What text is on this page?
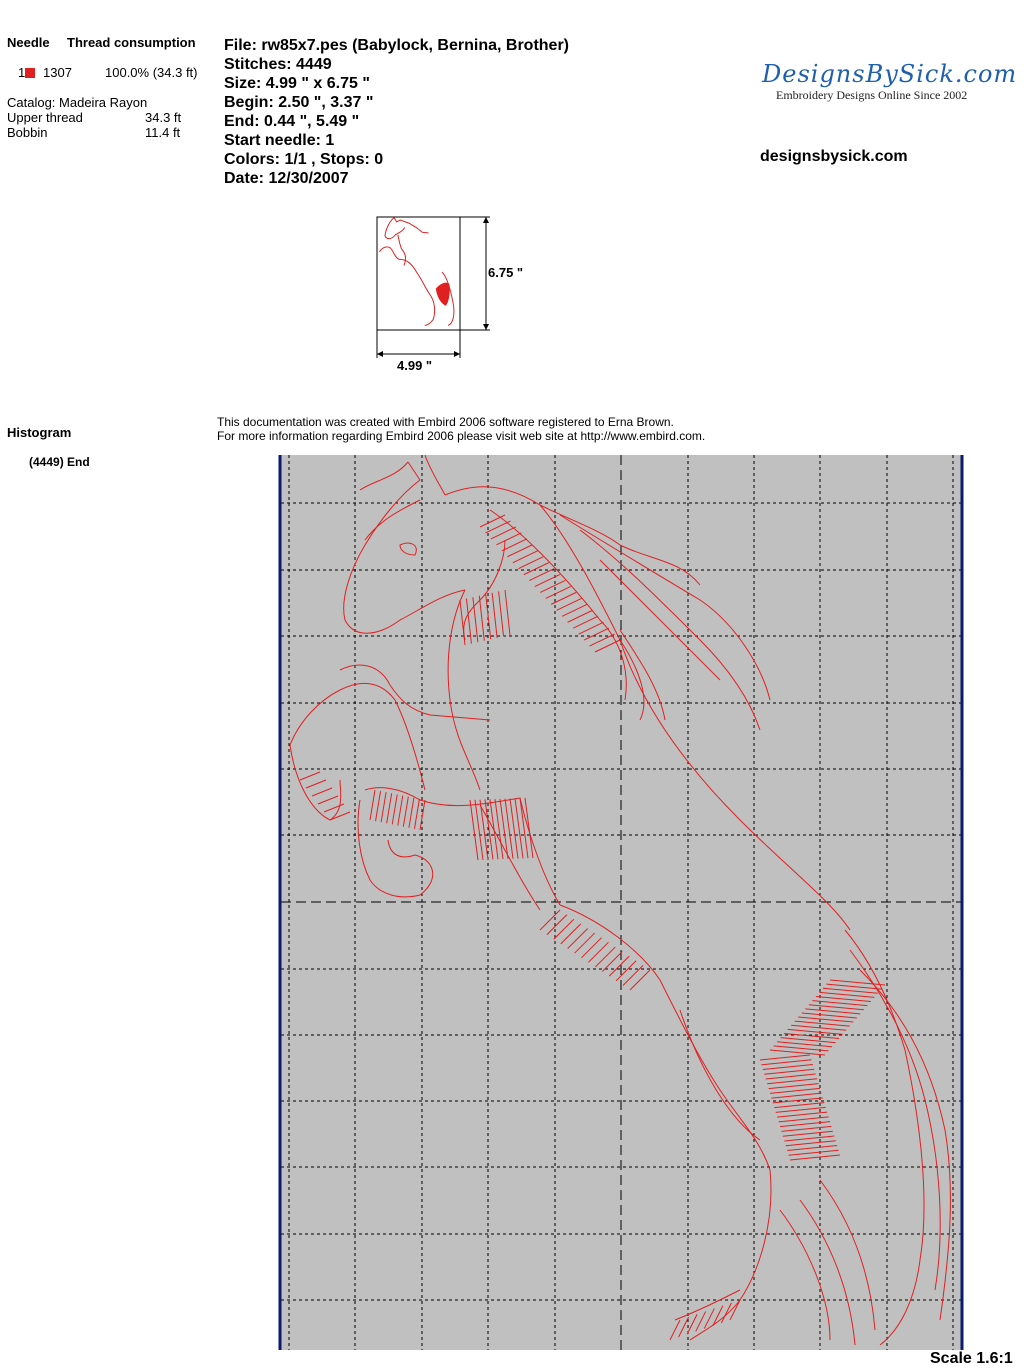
Needle Thread consumption
1	1307	100.0% (34.3 ft)
Catalog: Madeira Rayon
Upper thread	34.3 ft
Bobbin	11.4 ft
File: rw85x7.pes (Babylock, Bernina, Brother)
Stitches: 4449
Size: 4.99 " x 6.75 "
Begin: 2.50 ", 3.37 "
End: 0.44 ", 5.49 "
Start needle: 1
Colors: 1/1 , Stops: 0
Date: 12/30/2007
DesignsBySick.com
Embroidery Designs Online Since 2002
designsbysick.com
6.75 "
4.99 "
Histogram
(4449) End
This documentation was created with Embird 2006 software registered to Erna Brown.
For more information regarding Embird 2006 please visit web site at http://www.embird.com.
Scale 1.6:1
